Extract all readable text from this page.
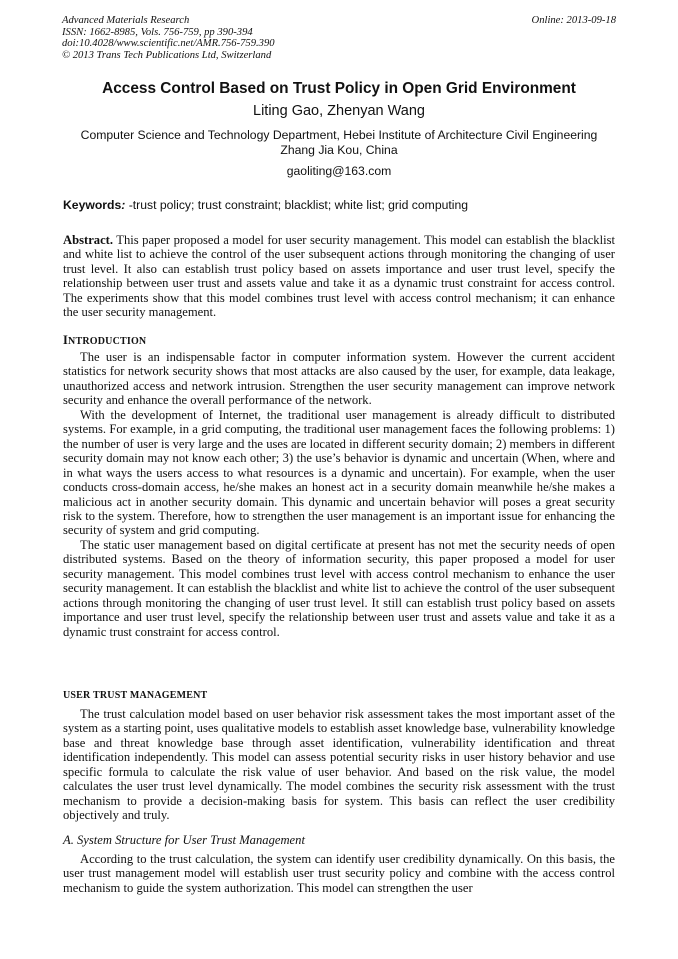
Advanced Materials Research
ISSN: 1662-8985, Vols. 756-759, pp 390-394
doi:10.4028/www.scientific.net/AMR.756-759.390
© 2013 Trans Tech Publications Ltd, Switzerland
Online: 2013-09-18
Access Control Based on Trust Policy in Open Grid Environment
Liting Gao, Zhenyan Wang
Computer Science and Technology Department, Hebei Institute of Architecture Civil Engineering
Zhang Jia Kou, China
gaoliting@163.com
Keywords: -trust policy; trust constraint; blacklist; white list; grid computing

Abstract. This paper proposed a model for user security management. This model can establish the blacklist and white list to achieve the control of the user subsequent actions through monitoring the changing of user trust level. It also can establish trust policy based on assets importance and user trust level, specify the relationship between user trust and assets value and take it as a dynamic trust constraint for access control. The experiments show that this model combines trust level with access control mechanism; it can enhance the user security management.

INTRODUCTION

The user is an indispensable factor in computer information system. However the current accident statistics for network security shows that most attacks are also caused by the user, for example, data leakage, unauthorized access and network intrusion. Strengthen the user security management can improve network security and enhance the overall performance of the network.

With the development of Internet, the traditional user management is already difficult to distributed systems. For example, in a grid computing, the traditional user management faces the following problems: 1) the number of user is very large and the uses are located in different security domain; 2) members in different security domain may not know each other; 3) the use’s behavior is dynamic and uncertain (When, where and in what ways the users access to what resources is a dynamic and uncertain). For example, when the user conducts cross-domain access, he/she makes an honest act in a security domain meanwhile he/she makes a malicious act in another security domain. This dynamic and uncertain behavior will poses a great security risk to the system. Therefore, how to strengthen the user management is an important issue for enhancing the security of system and grid computing.

The static user management based on digital certificate at present has not met the security needs of open distributed systems. Based on the theory of information security, this paper proposed a model for user security management. This model combines trust level with access control mechanism to enhance the user security management. It can establish the blacklist and white list to achieve the control of the user subsequent actions through monitoring the changing of user trust level. It still can establish trust policy based on assets importance and user trust level, specify the relationship between user trust and assets value and take it as a dynamic trust constraint for access control.

USER TRUST MANAGEMENT

The trust calculation model based on user behavior risk assessment takes the most important asset of the system as a starting point, uses qualitative models to establish asset knowledge base, vulnerability knowledge base and threat knowledge base through asset identification, vulnerability identification and threat identification independently. This model can assess potential security risks in user history behavior and use specific formula to calculate the risk value of user behavior. And based on the risk value, the model calculates the user trust level dynamically. The model combines the security risk assessment with the trust mechanism to provide a decision-making basis for system. This basis can reflect the user credibility objectively and truly.

A. System Structure for User Trust Management

According to the trust calculation, the system can identify user credibility dynamically. On this basis, the user trust management model will establish user trust security policy and combine with the access control mechanism to guide the system authorization. This model can strengthen the user
